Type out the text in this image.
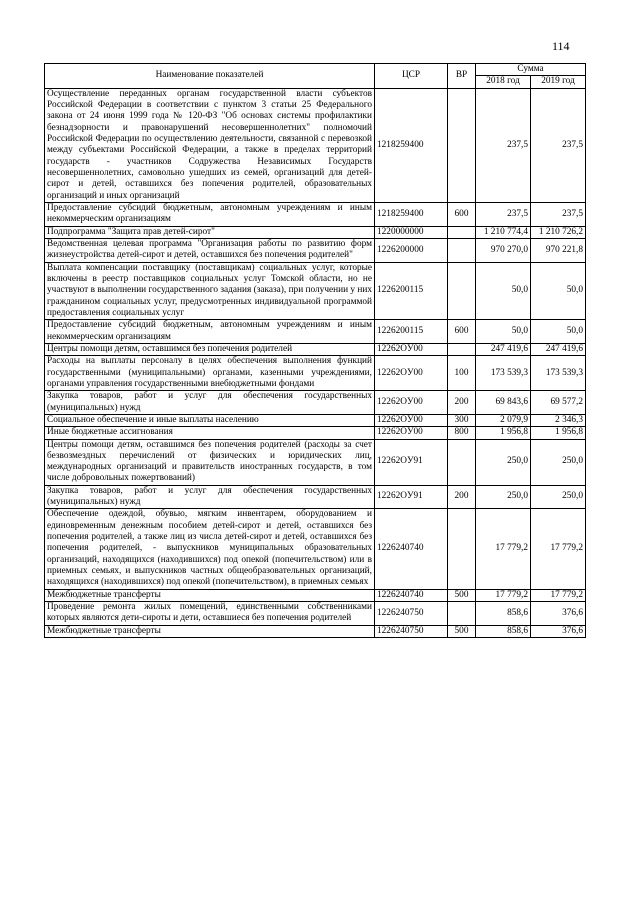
114
Наименование показателей	ЦСР	ВР	Сумма	
			2018 год	2019 год
Осуществление переданных органам государственной власти субъектов Российской Федерации в соответствии с пунктом 3 статьи 25 Федерального закона от 24 июня 1999 года № 120-ФЗ "Об основах системы профилактики безнадзорности и правонарушений несовершеннолетних" полномочий Российской Федерации по осуществлению деятельности, связанной с перевозкой между субъектами Российской Федерации, а также в пределах территорий государств - участников Содружества Независимых Государств несовершеннолетних, самовольно ушедших из семей, организаций для детей-сирот и детей, оставшихся без попечения родителей, образовательных организаций и иных организаций	1218259400		237,5	237,5
Предоставление субсидий бюджетным, автономным учреждениям и иным некоммерческим организациям	1218259400	600	237,5	237,5
Подпрограмма "Защита прав детей-сирот"	1220000000		1 210 774,4	1 210 726,2
Ведомственная целевая программа "Организация работы по развитию форм жизнеустройства детей-сирот и детей, оставшихся без попечения родителей"	1226200000		970 270,0	970 221,8
Выплата компенсации поставщику (поставщикам) социальных услуг, которые включены в реестр поставщиков социальных услуг Томской области, но не участвуют в выполнении государственного задания (заказа), при получении у них гражданином социальных услуг, предусмотренных индивидуальной программой предоставления социальных услуг	1226200115		50,0	50,0
Предоставление субсидий бюджетным, автономным учреждениям и иным некоммерческим организациям	1226200115	600	50,0	50,0
Центры помощи детям, оставшимся без попечения родителей	12262OУ00		247 419,6	247 419,6
Расходы на выплаты персоналу в целях обеспечения выполнения функций государственными (муниципальными) органами, казенными учреждениями, органами управления государственными внебюджетными фондами	12262OУ00	100	173 539,3	173 539,3
Закупка товаров, работ и услуг для обеспечения государственных (муниципальных) нужд	12262OУ00	200	69 843,6	69 577,2
Социальное обеспечение и иные выплаты населению	12262OУ00	300	2 079,9	2 346,3
Иные бюджетные ассигнования	12262OУ00	800	1 956,8	1 956,8
Центры помощи детям, оставшимся без попечения родителей (расходы за счет безвозмездных перечислений от физических и юридических лиц, международных организаций и правительств иностранных государств, в том числе добровольных пожертвований)	12262OУ91		250,0	250,0
Закупка товаров, работ и услуг для обеспечения государственных (муниципальных) нужд	12262OУ91	200	250,0	250,0
Обеспечение одеждой, обувью, мягким инвентарем, оборудованием и единовременным денежным пособием детей-сирот и детей, оставшихся без попечения родителей, а также лиц из числа детей-сирот и детей, оставшихся без попечения родителей, - выпускников муниципальных образовательных организаций, находящихся (находившихся) под опекой (попечительством) или в приемных семьях, и выпускников частных общеобразовательных организаций, находящихся (находившихся) под опекой (попечительством), в приемных семьях	1226240740		17 779,2	17 779,2
Межбюджетные трансферты	1226240740	500	17 779,2	17 779,2
Проведение ремонта жилых помещений, единственными собственниками которых являются дети-сироты и дети, оставшиеся без попечения родителей	1226240750		858,6	376,6
Межбюджетные трансферты	1226240750	500	858,6	376,6
